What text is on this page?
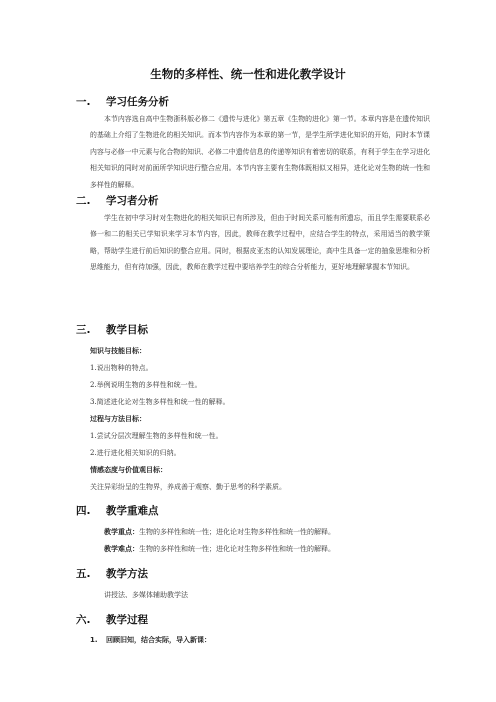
生物的多样性、统一性和进化教学设计
一. 学习任务分析

本节内容选自高中生物浙科版必修二《遗传与进化》第五章《生物的进化》第一节。本章内容是在遗传知识的基础上介绍了生物进化的相关知识。而本节内容作为本章的第一节，是学生所学进化知识的开始，同时本节课内容与必修一中元素与化合物的知识、必修二中遗传信息的传递等知识有着密切的联系，有利于学生在学习进化相关知识的同时对前面所学知识进行整合应用。本节内容主要有生物体既相似又相异，进化论对生物的统一性和多样性的解释。

二. 学习者分析

学生在初中学习时对生物进化的相关知识已有所涉及，但由于时间关系可能有所遗忘，而且学生需要联系必修一和二的相关已学知识来学习本节内容，因此，教师在教学过程中，应结合学生的特点，采用适当的教学策略，帮助学生进行前后知识的整合应用。同时，根据皮亚杰的认知发展理论，高中生具备一定的抽象思维和分析思维能力，但有待加强，因此，教师在教学过程中要培养学生的综合分析能力，更好地理解掌握本节知识。

三. 教学目标
知识与技能目标：
1.说出物种的特点。
2.举例说明生物的多样性和统一性。
3.简述进化论对生物多样性和统一性的解释。
过程与方法目标：
1.尝试分层次理解生物的多样性和统一性。
2.进行进化相关知识的归纳。
情感态度与价值观目标：
关注异彩纷呈的生物界，养成善于观察、勤于思考的科学素质。
四. 教学重难点
教学重点：生物的多样性和统一性；进化论对生物多样性和统一性的解释。
教学难点：生物的多样性和统一性；进化论对生物多样性和统一性的解释。
五. 教学方法
讲授法、多媒体辅助教学法
六. 教学过程
1. 回顾旧知，结合实际，导入新课：
